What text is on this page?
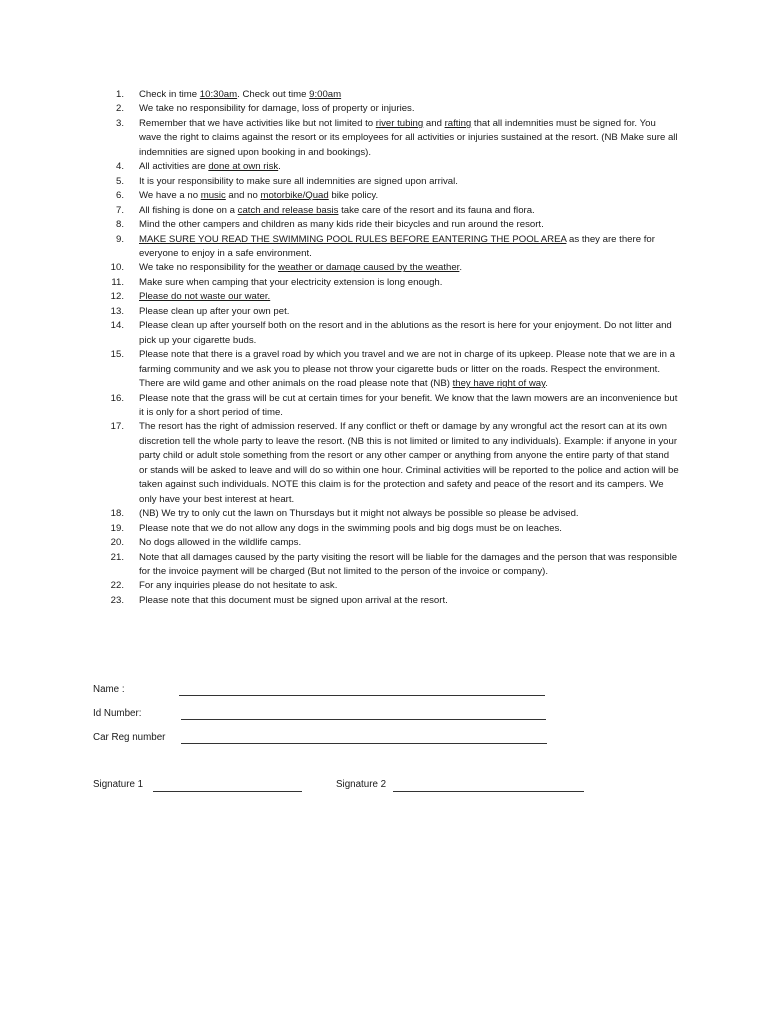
1. Check in time 10:30am. Check out time 9:00am
2. We take no responsibility for damage, loss of property or injuries.
3. Remember that we have activities like but not limited to river tubing and rafting that all indemnities must be signed for. You wave the right to claims against the resort or its employees for all activities or injuries sustained at the resort. (NB Make sure all indemnities are signed upon booking in and bookings).
4. All activities are done at own risk.
5. It is your responsibility to make sure all indemnities are signed upon arrival.
6. We have a no music and no motorbike/Quad bike policy.
7. All fishing is done on a catch and release basis take care of the resort and its fauna and flora.
8. Mind the other campers and children as many kids ride their bicycles and run around the resort.
9. MAKE SURE YOU READ THE SWIMMING POOL RULES BEFORE EANTERING THE POOL AREA as they are there for everyone to enjoy in a safe environment.
10. We take no responsibility for the weather or damage caused by the weather.
11. Make sure when camping that your electricity extension is long enough.
12. Please do not waste our water.
13. Please clean up after your own pet.
14. Please clean up after yourself both on the resort and in the ablutions as the resort is here for your enjoyment. Do not litter and pick up your cigarette buds.
15. Please note that there is a gravel road by which you travel and we are not in charge of its upkeep. Please note that we are in a farming community and we ask you to please not throw your cigarette buds or litter on the roads. Respect the environment. There are wild game and other animals on the road please note that (NB) they have right of way.
16. Please note that the grass will be cut at certain times for your benefit. We know that the lawn mowers are an inconvenience but it is only for a short period of time.
17. The resort has the right of admission reserved. If any conflict or theft or damage by any wrongful act the resort can at its own discretion tell the whole party to leave the resort. (NB this is not limited or limited to any individuals). Example: if anyone in your party child or adult stole something from the resort or any other camper or anything from anyone the entire party of that stand or stands will be asked to leave and will do so within one hour. Criminal activities will be reported to the police and action will be taken against such individuals. NOTE this claim is for the protection and safety and peace of the resort and its campers. We only have your best interest at heart.
18. (NB) We try to only cut the lawn on Thursdays but it might not always be possible so please be advised.
19. Please note that we do not allow any dogs in the swimming pools and big dogs must be on leaches.
20. No dogs allowed in the wildlife camps.
21. Note that all damages caused by the party visiting the resort will be liable for the damages and the person that was responsible for the invoice payment will be charged (But not limited to the person of the invoice or company).
22. For any inquiries please do not hesitate to ask.
23. Please note that this document must be signed upon arrival at the resort.
Name :
Id Number:
Car Reg number
Signature 1	Signature 2
